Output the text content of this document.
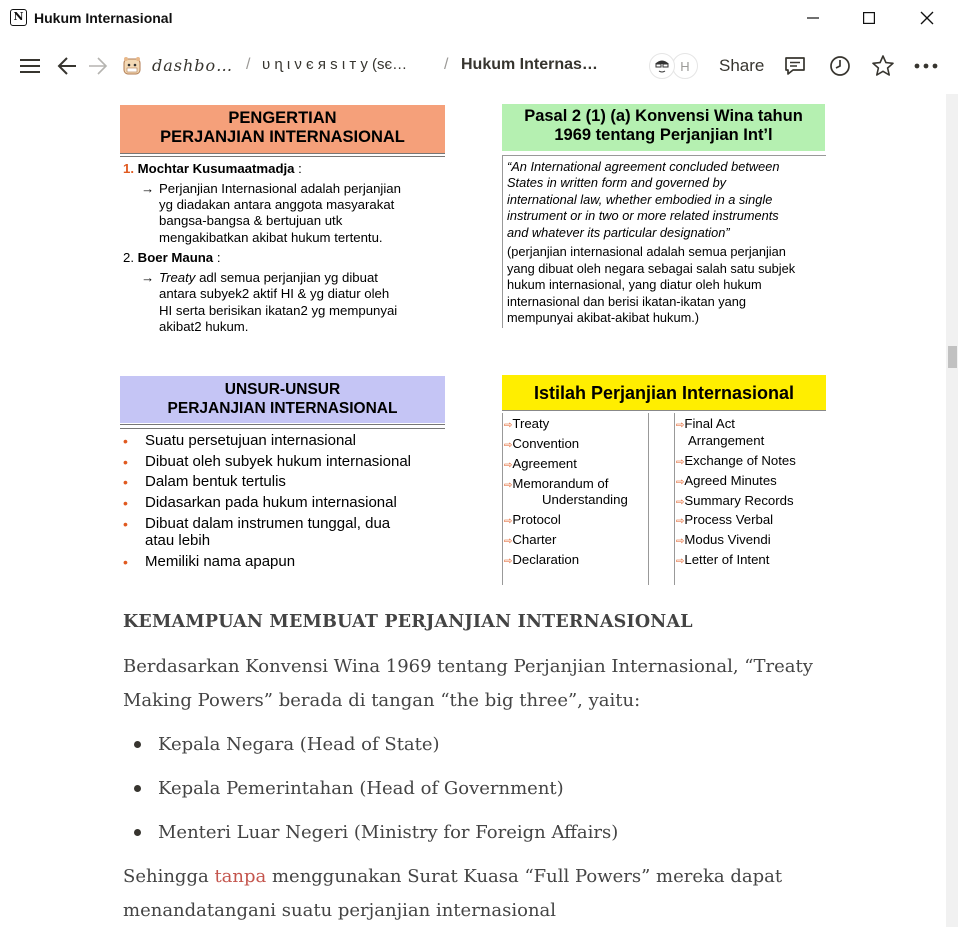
N Hukum Internasional
dashbo… / ᴜ ɳ ι ν є я ѕ ι т у (ѕє… / Hukum Internas…	H	Share
PENGERTIAN
PERJANJIAN INTERNASIONAL
1. Mochtar Kusumaatmadja :
→ Perjanjian Internasional adalah perjanjian
yg diadakan antara anggota masyarakat
bangsa-bangsa & bertujuan utk
mengakibatkan akibat hukum tertentu.
2. Boer Mauna :
→ Treaty adl semua perjanjian yg dibuat
antara subyek2 aktif HI & yg diatur oleh
HI serta berisikan ikatan2 yg mempunyai
akibat2 hukum.
Pasal 2 (1) (a) Konvensi Wina tahun
1969 tentang Perjanjian Int’l
“An International agreement concluded between
States in written form and governed by
international law, whether embodied in a single
instrument or in two or more related instruments
and whatever its particular designation”
(perjanjian internasional adalah semua perjanjian
yang dibuat oleh negara sebagai salah satu subjek
hukum internasional, yang diatur oleh hukum
internasional dan berisi ikatan-ikatan yang
mempunyai akibat-akibat hukum.)
UNSUR-UNSUR
PERJANJIAN INTERNASIONAL
• Suatu persetujuan internasional
• Dibuat oleh subyek hukum internasional
• Dalam bentuk tertulis
• Didasarkan pada hukum internasional
• Dibuat dalam instrumen tunggal, dua
atau lebih
• Memiliki nama apapun
Istilah Perjanjian Internasional
⇨Treaty
⇨Convention
⇨Agreement
⇨Memorandum of
Understanding
⇨Protocol
⇨Charter
⇨Declaration
⇨Final Act
Arrangement
⇨Exchange of Notes
⇨Agreed Minutes
⇨Summary Records
⇨Process Verbal
⇨Modus Vivendi
⇨Letter of Intent
KEMAMPUAN MEMBUAT PERJANJIAN INTERNASIONAL
Berdasarkan Konvensi Wina 1969 tentang Perjanjian Internasional, “Treaty
Making Powers” berada di tangan “the big three”, yaitu:
Kepala Negara (Head of State)
Kepala Pemerintahan (Head of Government)
Menteri Luar Negeri (Ministry for Foreign Affairs)
Sehingga tanpa menggunakan Surat Kuasa “Full Powers” mereka dapat
menandatangani suatu perjanjian internasional
